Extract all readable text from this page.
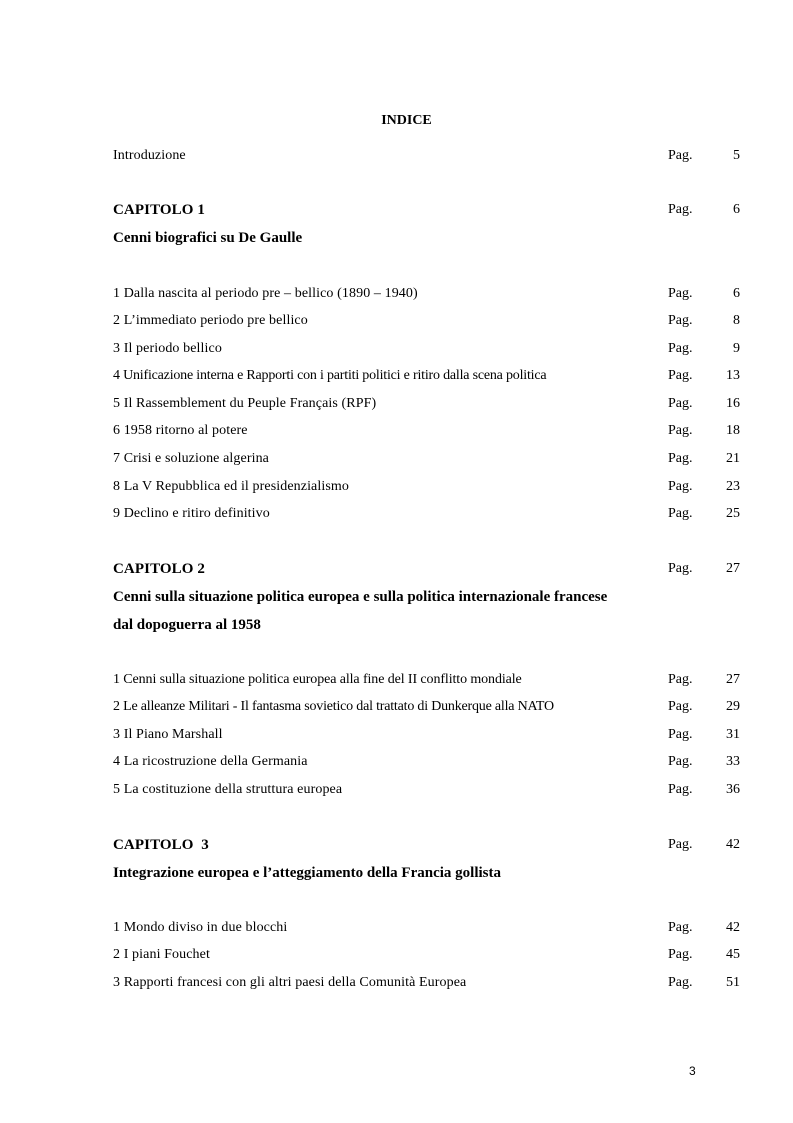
INDICE
Introduzione	Pag.	5
CAPITOLO 1	Pag.	6
Cenni biografici su De Gaulle
1 Dalla nascita al periodo pre – bellico (1890 – 1940)	Pag.	6
2 L’immediato periodo pre bellico	Pag.	8
3 Il periodo bellico	Pag.	9
4 Unificazione interna e Rapporti con i partiti politici e ritiro dalla scena politica	Pag. 13
5 Il Rassemblement du Peuple Français (RPF)	Pag. 16
6 1958 ritorno al potere	Pag. 18
7 Crisi e soluzione algerina	Pag. 21
8 La V Repubblica ed il presidenzialismo	Pag. 23
9 Declino e ritiro definitivo	Pag. 25
CAPITOLO 2	Pag. 27
Cenni sulla situazione politica europea e sulla politica internazionale francese
dal dopoguerra al 1958
1 Cenni sulla situazione politica europea alla fine del II conflitto mondiale	Pag. 27
2 Le alleanze Militari - Il fantasma sovietico dal trattato di Dunkerque alla NATO	Pag. 29
3 Il Piano Marshall	Pag. 31
4 La ricostruzione della Germania	Pag. 33
5 La costituzione della struttura europea	Pag. 36
CAPITOLO  3	Pag. 42
Integrazione europea e l’atteggiamento della Francia gollista
1 Mondo diviso in due blocchi	Pag. 42
2 I piani Fouchet	Pag. 45
3 Rapporti francesi con gli altri paesi della Comunità Europea	Pag. 51
3
